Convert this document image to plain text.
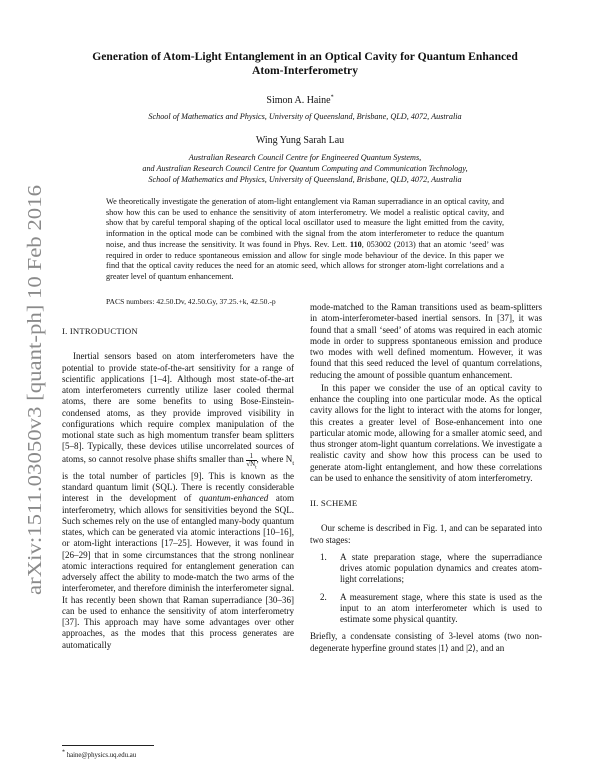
arXiv:1511.03050v3 [quant-ph] 10 Feb 2016
Generation of Atom-Light Entanglement in an Optical Cavity for Quantum Enhanced
Atom-Interferometry
Simon A. Haine*
School of Mathematics and Physics, University of Queensland, Brisbane, QLD, 4072, Australia
Wing Yung Sarah Lau
Australian Research Council Centre for Engineered Quantum Systems,
and Australian Research Council Centre for Quantum Computing and Communication Technology,
School of Mathematics and Physics, University of Queensland, Brisbane, QLD, 4072, Australia

We theoretically investigate the generation of atom-light entanglement via Raman superradiance in an optical cavity, and show how this can be used to enhance the sensitivity of atom interferometry. We model a realistic optical cavity, and show that by careful temporal shaping of the optical local oscillator used to measure the light emitted from the cavity, information in the optical mode can be combined with the signal from the atom interferometer to reduce the quantum noise, and thus increase the sensitivity. It was found in Phys. Rev. Lett. 110, 053002 (2013) that an atomic ‘seed’ was required in order to reduce spontaneous emission and allow for single mode behaviour of the device. In this paper we find that the optical cavity reduces the need for an atomic seed, which allows for stronger atom-light correlations and a greater level of quantum enhancement.

PACS numbers: 42.50.Dv, 42.50.Gy, 37.25.+k, 42.50.-p

I. INTRODUCTION

Inertial sensors based on atom interferometers have the potential to provide state-of-the-art sensitivity for a range of scientific applications [1–4]. Although most state-of-the-art atom interferometers currently utilize laser cooled thermal atoms, there are some benefits to using Bose-Einstein-condensed atoms, as they provide improved visibility in configurations which require complex manipulation of the motional state such as high momentum transfer beam splitters [5–8]. Typically, these devices utilise uncorrelated sources of atoms, so cannot resolve phase shifts smaller than $\frac{1}{√N_t}$ , where $N_t$ is the total number of particles [9]. This is known as the standard quantum limit (SQL). There is recently considerable interest in the development of quantum-enhanced atom interferometry, which allows for sensitivities beyond the SQL. Such schemes rely on the use of entangled many-body quantum states, which can be generated via atomic interactions [10–16], or atom-light interactions [17–25]. However, it was found in [26–29] that in some circumstances that the strong nonlinear atomic interactions required for entanglement generation can adversely affect the ability to mode-match the two arms of the interferometer, and therefore diminish the interferometer signal. It has recently been shown that Raman superradiance [30–36] can be used to enhance the sensitivity of atom interferometry [37]. This approach may have some advantages over other approaches, as the modes that this process generates are automatically

mode-matched to the Raman transitions used as beam-splitters in atom-interferometer-based inertial sensors. In [37], it was found that a small ‘seed’ of atoms was required in each atomic mode in order to suppress spontaneous emission and produce two modes with well defined momentum. However, it was found that this seed reduced the level of quantum correlations, reducing the amount of possible quantum enhancement.

In this paper we consider the use of an optical cavity to enhance the coupling into one particular mode. As the optical cavity allows for the light to interact with the atoms for longer, this creates a greater level of Bose-enhancement into one particular atomic mode, allowing for a smaller atomic seed, and thus stronger atom-light quantum correlations. We investigate a realistic cavity and show how this process can be used to generate atom-light entanglement, and how these correlations can be used to enhance the sensitivity of atom interferometry.

II. SCHEME

Our scheme is described in Fig. 1, and can be separated into two stages:

1. A state preparation stage, where the superradiance drives atomic population dynamics and creates atom-light correlations;
2. A measurement stage, where this state is used as the input to an atom interferometer which is used to estimate some physical quantity.

Briefly, a condensate consisting of 3-level atoms (two non-degenerate hyperfine ground states |1⟩ and |2⟩, and an

* haine@physics.uq.edu.au
